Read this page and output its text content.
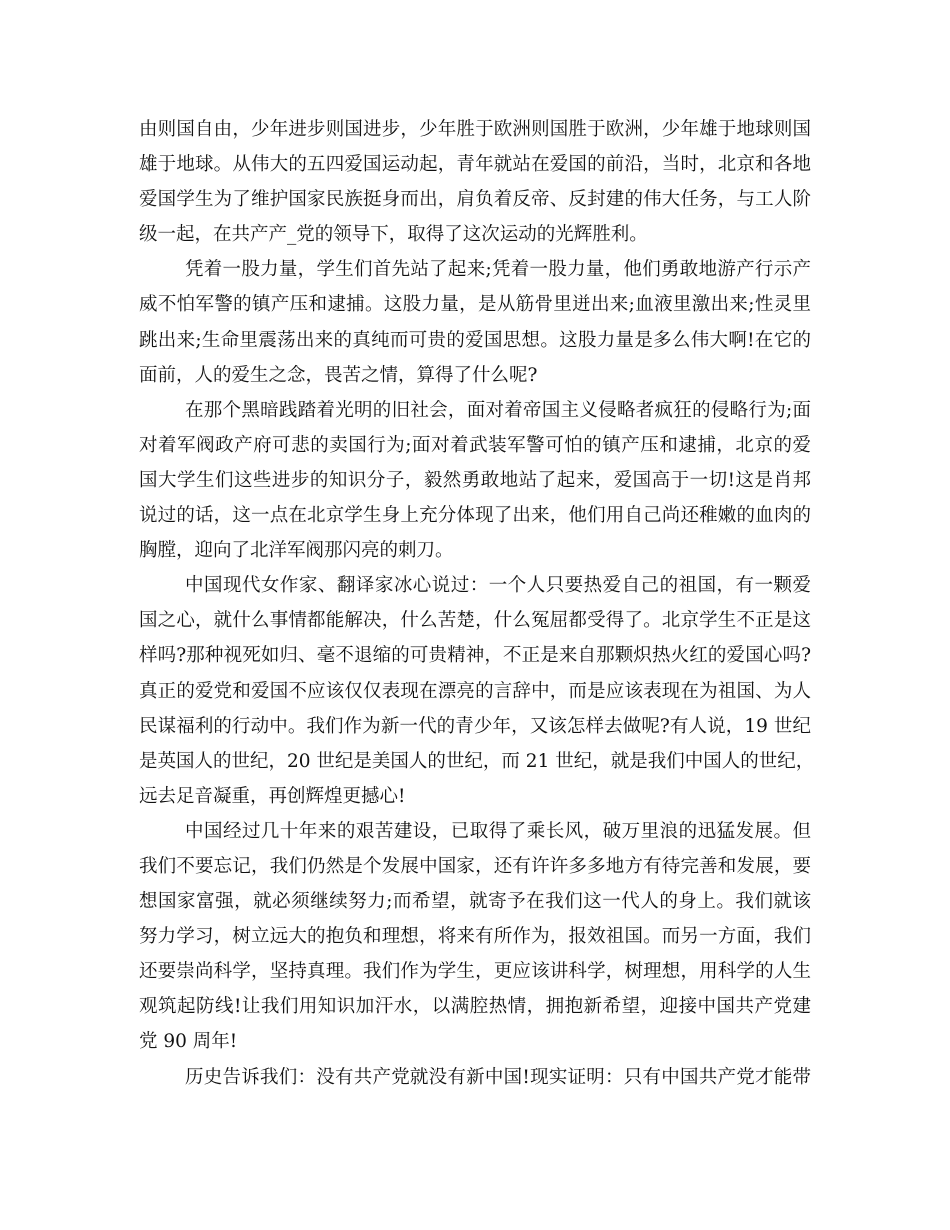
由则国自由，少年进步则国进步，少年胜于欧洲则国胜于欧洲，少年雄于地球则国
雄于地球。从伟大的五四爱国运动起，青年就站在爱国的前沿，当时，北京和各地
爱国学生为了维护国家民族挺身而出，肩负着反帝、反封建的伟大任务，与工人阶
级一起，在共产产_党的领导下，取得了这次运动的光辉胜利。
凭着一股力量，学生们首先站了起来;凭着一股力量，他们勇敢地游产行示产
威不怕军警的镇产压和逮捕。这股力量，是从筋骨里迸出来;血液里激出来;性灵里
跳出来;生命里震荡出来的真纯而可贵的爱国思想。这股力量是多么伟大啊!在它的
面前，人的爱生之念，畏苦之情，算得了什么呢?
在那个黑暗践踏着光明的旧社会，面对着帝国主义侵略者疯狂的侵略行为;面
对着军阀政产府可悲的卖国行为;面对着武装军警可怕的镇产压和逮捕，北京的爱
国大学生们这些进步的知识分子，毅然勇敢地站了起来，爱国高于一切!这是肖邦
说过的话，这一点在北京学生身上充分体现了出来，他们用自己尚还稚嫩的血肉的
胸膛，迎向了北洋军阀那闪亮的刺刀。
中国现代女作家、翻译家冰心说过：一个人只要热爱自己的祖国，有一颗爱
国之心，就什么事情都能解决，什么苦楚，什么冤屈都受得了。北京学生不正是这
样吗?那种视死如归、毫不退缩的可贵精神，不正是来自那颗炽热火红的爱国心吗?
真正的爱党和爱国不应该仅仅表现在漂亮的言辞中，而是应该表现在为祖国、为人
民谋福利的行动中。我们作为新一代的青少年，又该怎样去做呢?有人说，19 世纪
是英国人的世纪，20 世纪是美国人的世纪，而 21 世纪，就是我们中国人的世纪，
远去足音凝重，再创辉煌更撼心!
中国经过几十年来的艰苦建设，已取得了乘长风，破万里浪的迅猛发展。但
我们不要忘记，我们仍然是个发展中国家，还有许许多多地方有待完善和发展，要
想国家富强，就必须继续努力;而希望，就寄予在我们这一代人的身上。我们就该
努力学习，树立远大的抱负和理想，将来有所作为，报效祖国。而另一方面，我们
还要崇尚科学，坚持真理。我们作为学生，更应该讲科学，树理想，用科学的人生
观筑起防线!让我们用知识加汗水，以满腔热情，拥抱新希望，迎接中国共产党建
党 90 周年!
历史告诉我们：没有共产党就没有新中国!现实证明：只有中国共产党才能带
